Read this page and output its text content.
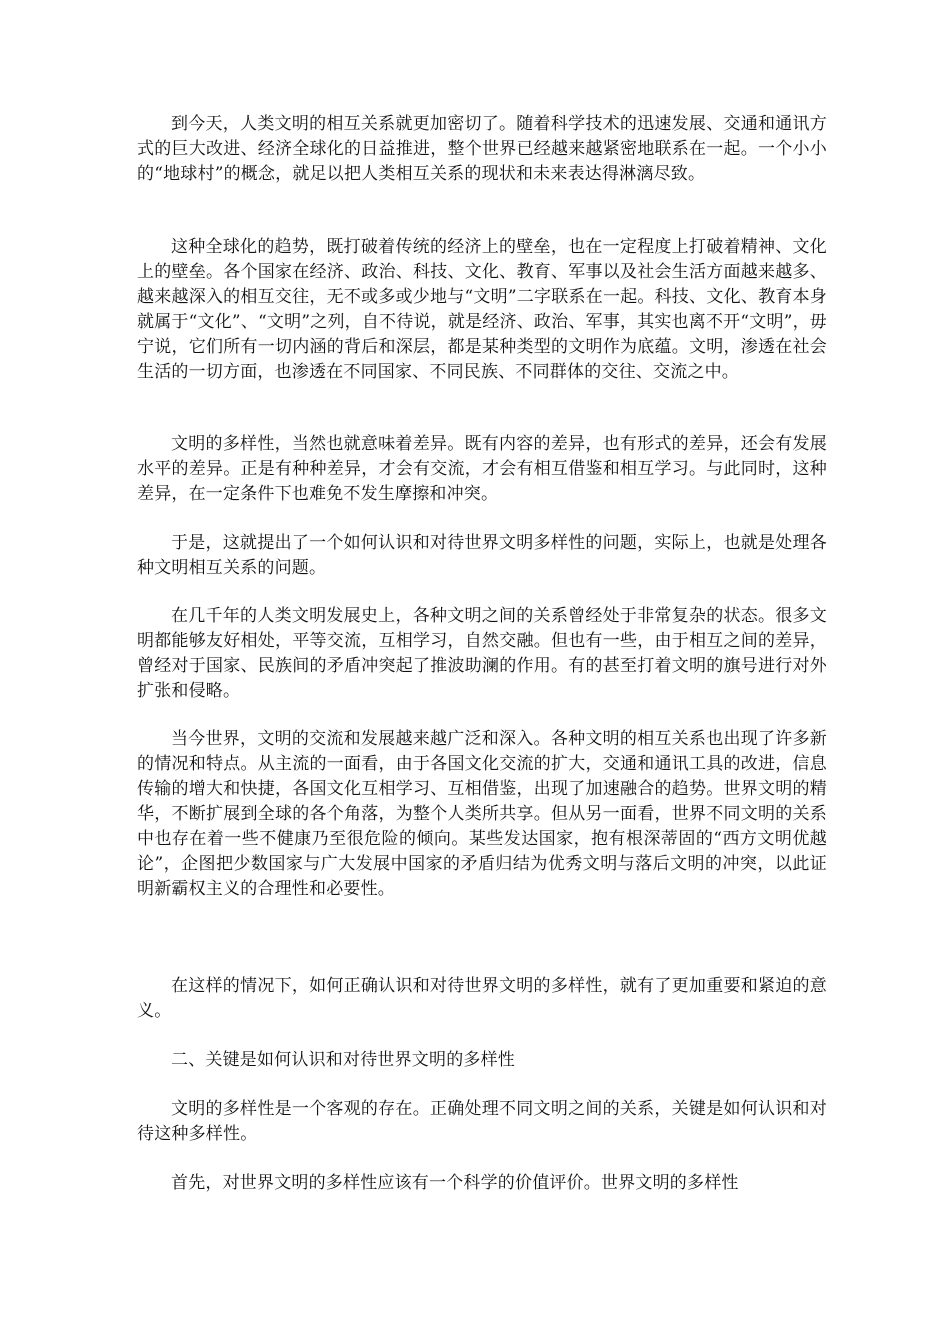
到今天，人类文明的相互关系就更加密切了。随着科学技术的迅速发展、交通和通讯方式的巨大改进、经济全球化的日益推进，整个世界已经越来越紧密地联系在一起。一个小小的“地球村”的概念，就足以把人类相互关系的现状和未来表达得淋漓尽致。

这种全球化的趋势，既打破着传统的经济上的壁垒，也在一定程度上打破着精神、文化上的壁垒。各个国家在经济、政治、科技、文化、教育、军事以及社会生活方面越来越多、越来越深入的相互交往，无不或多或少地与“文明”二字联系在一起。科技、文化、教育本身就属于“文化”、“文明”之列，自不待说，就是经济、政治、军事，其实也离不开“文明”，毋宁说，它们所有一切内涵的背后和深层，都是某种类型的文明作为底蕴。文明，渗透在社会生活的一切方面，也渗透在不同国家、不同民族、不同群体的交往、交流之中。

文明的多样性，当然也就意味着差异。既有内容的差异，也有形式的差异，还会有发展水平的差异。正是有种种差异，才会有交流，才会有相互借鉴和相互学习。与此同时，这种差异，在一定条件下也难免不发生摩擦和冲突。

于是，这就提出了一个如何认识和对待世界文明多样性的问题，实际上，也就是处理各种文明相互关系的问题。

在几千年的人类文明发展史上，各种文明之间的关系曾经处于非常复杂的状态。很多文明都能够友好相处，平等交流，互相学习，自然交融。但也有一些，由于相互之间的差异，曾经对于国家、民族间的矛盾冲突起了推波助澜的作用。有的甚至打着文明的旗号进行对外扩张和侵略。

当今世界，文明的交流和发展越来越广泛和深入。各种文明的相互关系也出现了许多新的情况和特点。从主流的一面看，由于各国文化交流的扩大，交通和通讯工具的改进，信息传输的增大和快捷，各国文化互相学习、互相借鉴，出现了加速融合的趋势。世界文明的精华，不断扩展到全球的各个角落，为整个人类所共享。但从另一面看，世界不同文明的关系中也存在着一些不健康乃至很危险的倾向。某些发达国家，抱有根深蒂固的“西方文明优越论”，企图把少数国家与广大发展中国家的矛盾归结为优秀文明与落后文明的冲突，以此证明新霸权主义的合理性和必要性。

在这样的情况下，如何正确认识和对待世界文明的多样性，就有了更加重要和紧迫的意义。

二、关键是如何认识和对待世界文明的多样性

文明的多样性是一个客观的存在。正确处理不同文明之间的关系，关键是如何认识和对待这种多样性。

首先，对世界文明的多样性应该有一个科学的价值评价。世界文明的多样性
